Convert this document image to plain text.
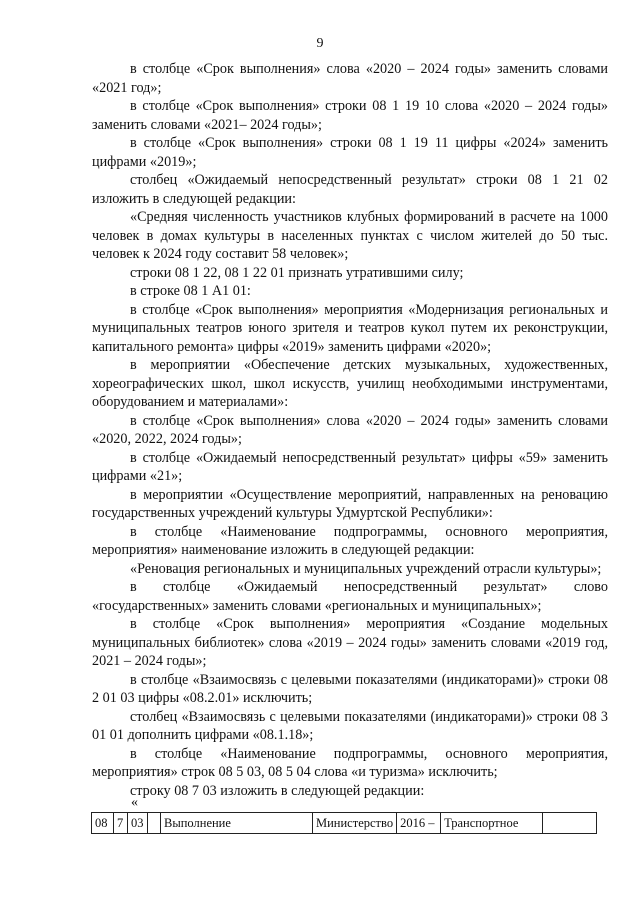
9

в столбце «Срок выполнения» слова «2020 – 2024 годы» заменить словами «2021 год»;

в столбце «Срок выполнения» строки 08 1 19 10 слова «2020 – 2024 годы» заменить словами «2021– 2024 годы»;

в столбце «Срок выполнения» строки 08 1 19 11 цифры «2024» заменить цифрами «2019»;

столбец «Ожидаемый непосредственный результат» строки 08 1 21 02 изложить в следующей редакции:

«Средняя численность участников клубных формирований в расчете на 1000 человек в домах культуры в населенных пунктах с числом жителей до 50 тыс. человек к 2024 году составит 58 человек»;

строки 08 1 22, 08 1 22 01 признать утратившими силу;

в строке 08 1 А1 01:

в столбце «Срок выполнения» мероприятия «Модернизация региональных и муниципальных театров юного зрителя и театров кукол путем их реконструкции, капитального ремонта» цифры «2019» заменить цифрами «2020»;

в мероприятии «Обеспечение детских музыкальных, художественных, хореографических школ, школ искусств, училищ необходимыми инструментами, оборудованием и материалами»:

в столбце «Срок выполнения» слова «2020 – 2024 годы» заменить словами «2020, 2022, 2024 годы»;

в столбце «Ожидаемый непосредственный результат» цифры «59» заменить цифрами «21»;

в мероприятии «Осуществление мероприятий, направленных на реновацию государственных учреждений культуры Удмуртской Республики»:

в столбце «Наименование подпрограммы, основного мероприятия, мероприятия» наименование изложить в следующей редакции:

«Реновация региональных и муниципальных учреждений отрасли культуры»;

в столбце «Ожидаемый непосредственный результат» слово «государственных» заменить словами «региональных и муниципальных»;

в столбце «Срок выполнения» мероприятия «Создание модельных муниципальных библиотек» слова «2019 – 2024 годы» заменить словами «2019 год, 2021 – 2024 годы»;

в столбце «Взаимосвязь с целевыми показателями (индикаторами)» строки 08 2 01 03 цифры «08.2.01» исключить;

столбец «Взаимосвязь с целевыми показателями (индикаторами)» строки 08 3 01 01 дополнить цифрами «08.1.18»;

в столбце «Наименование подпрограммы, основного мероприятия, мероприятия» строк 08 5 03, 08 5 04 слова «и туризма» исключить;

строку 08 7 03 изложить в следующей редакции:

«
08	7	03		Выполнение	Министерство	2016 –	Транспортное	
